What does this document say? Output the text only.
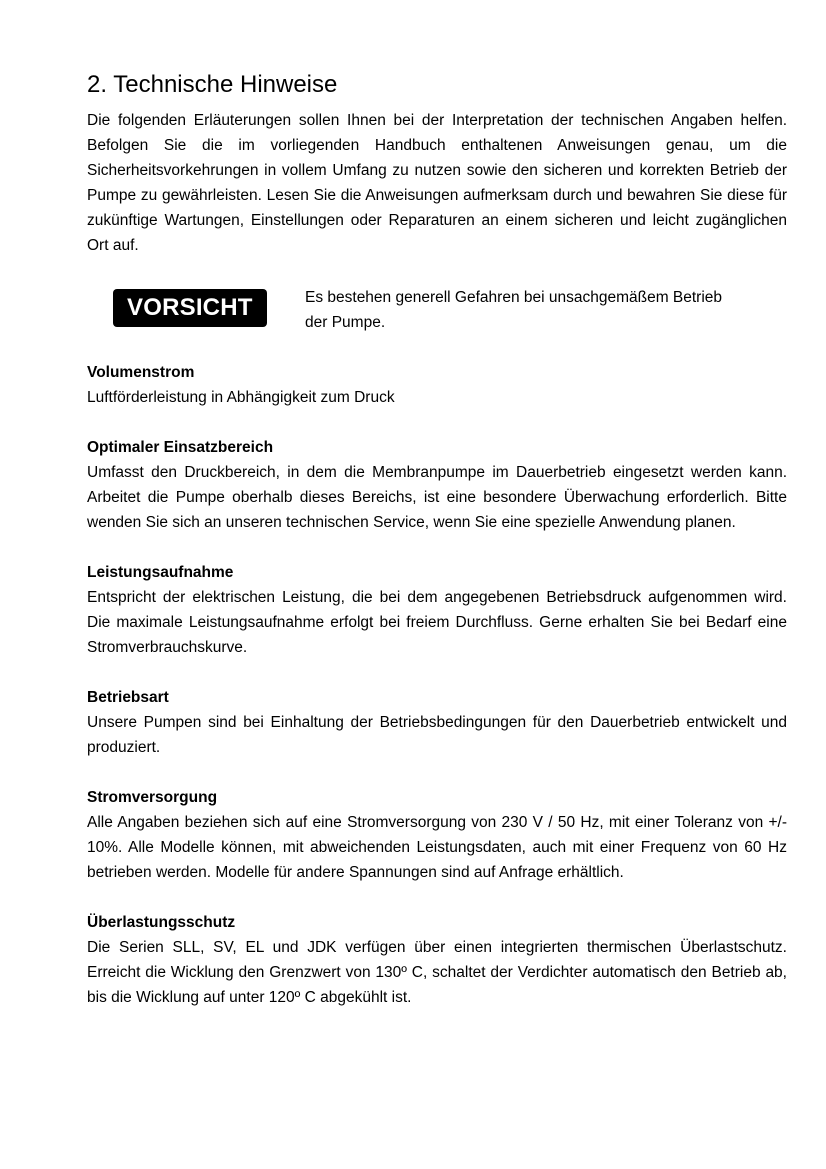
2. Technische Hinweise

Die folgenden Erläuterungen sollen Ihnen bei der Interpretation der technischen Angaben helfen. Befolgen Sie die im vorliegenden Handbuch enthaltenen Anweisungen genau, um die Sicherheitsvorkehrungen in vollem Umfang zu nutzen sowie den sicheren und korrekten Betrieb der Pumpe zu gewährleisten. Lesen Sie die Anweisungen aufmerksam durch und bewahren Sie diese für zukünftige Wartungen, Einstellungen oder Reparaturen an einem sicheren und leicht zugänglichen Ort auf.

VORSICHT	Es bestehen generell Gefahren bei unsachgemäßem Betrieb der Pumpe.

Volumenstrom

Luftförderleistung in Abhängigkeit zum Druck

Optimaler Einsatzbereich

Umfasst den Druckbereich, in dem die Membranpumpe im Dauerbetrieb eingesetzt werden kann. Arbeitet die Pumpe oberhalb dieses Bereichs, ist eine besondere Überwachung erforderlich. Bitte wenden Sie sich an unseren technischen Service, wenn Sie eine spezielle Anwendung planen.

Leistungsaufnahme

Entspricht der elektrischen Leistung, die bei dem angegebenen Betriebsdruck aufgenommen wird. Die maximale Leistungsaufnahme erfolgt bei freiem Durchfluss. Gerne erhalten Sie bei Bedarf eine Stromverbrauchskurve.

Betriebsart

Unsere Pumpen sind bei Einhaltung der Betriebsbedingungen für den Dauerbetrieb entwickelt und produziert.

Stromversorgung

Alle Angaben beziehen sich auf eine Stromversorgung von 230 V / 50 Hz, mit einer Toleranz von +/- 10%. Alle Modelle können, mit abweichenden Leistungsdaten, auch mit einer Frequenz von 60 Hz betrieben werden. Modelle für andere Spannungen sind auf Anfrage erhältlich.

Überlastungsschutz

Die Serien SLL, SV, EL und JDK verfügen über einen integrierten thermischen Überlastschutz. Erreicht die Wicklung den Grenzwert von 130º C, schaltet der Verdichter automatisch den Betrieb ab, bis die Wicklung auf unter 120º C abgekühlt ist.
